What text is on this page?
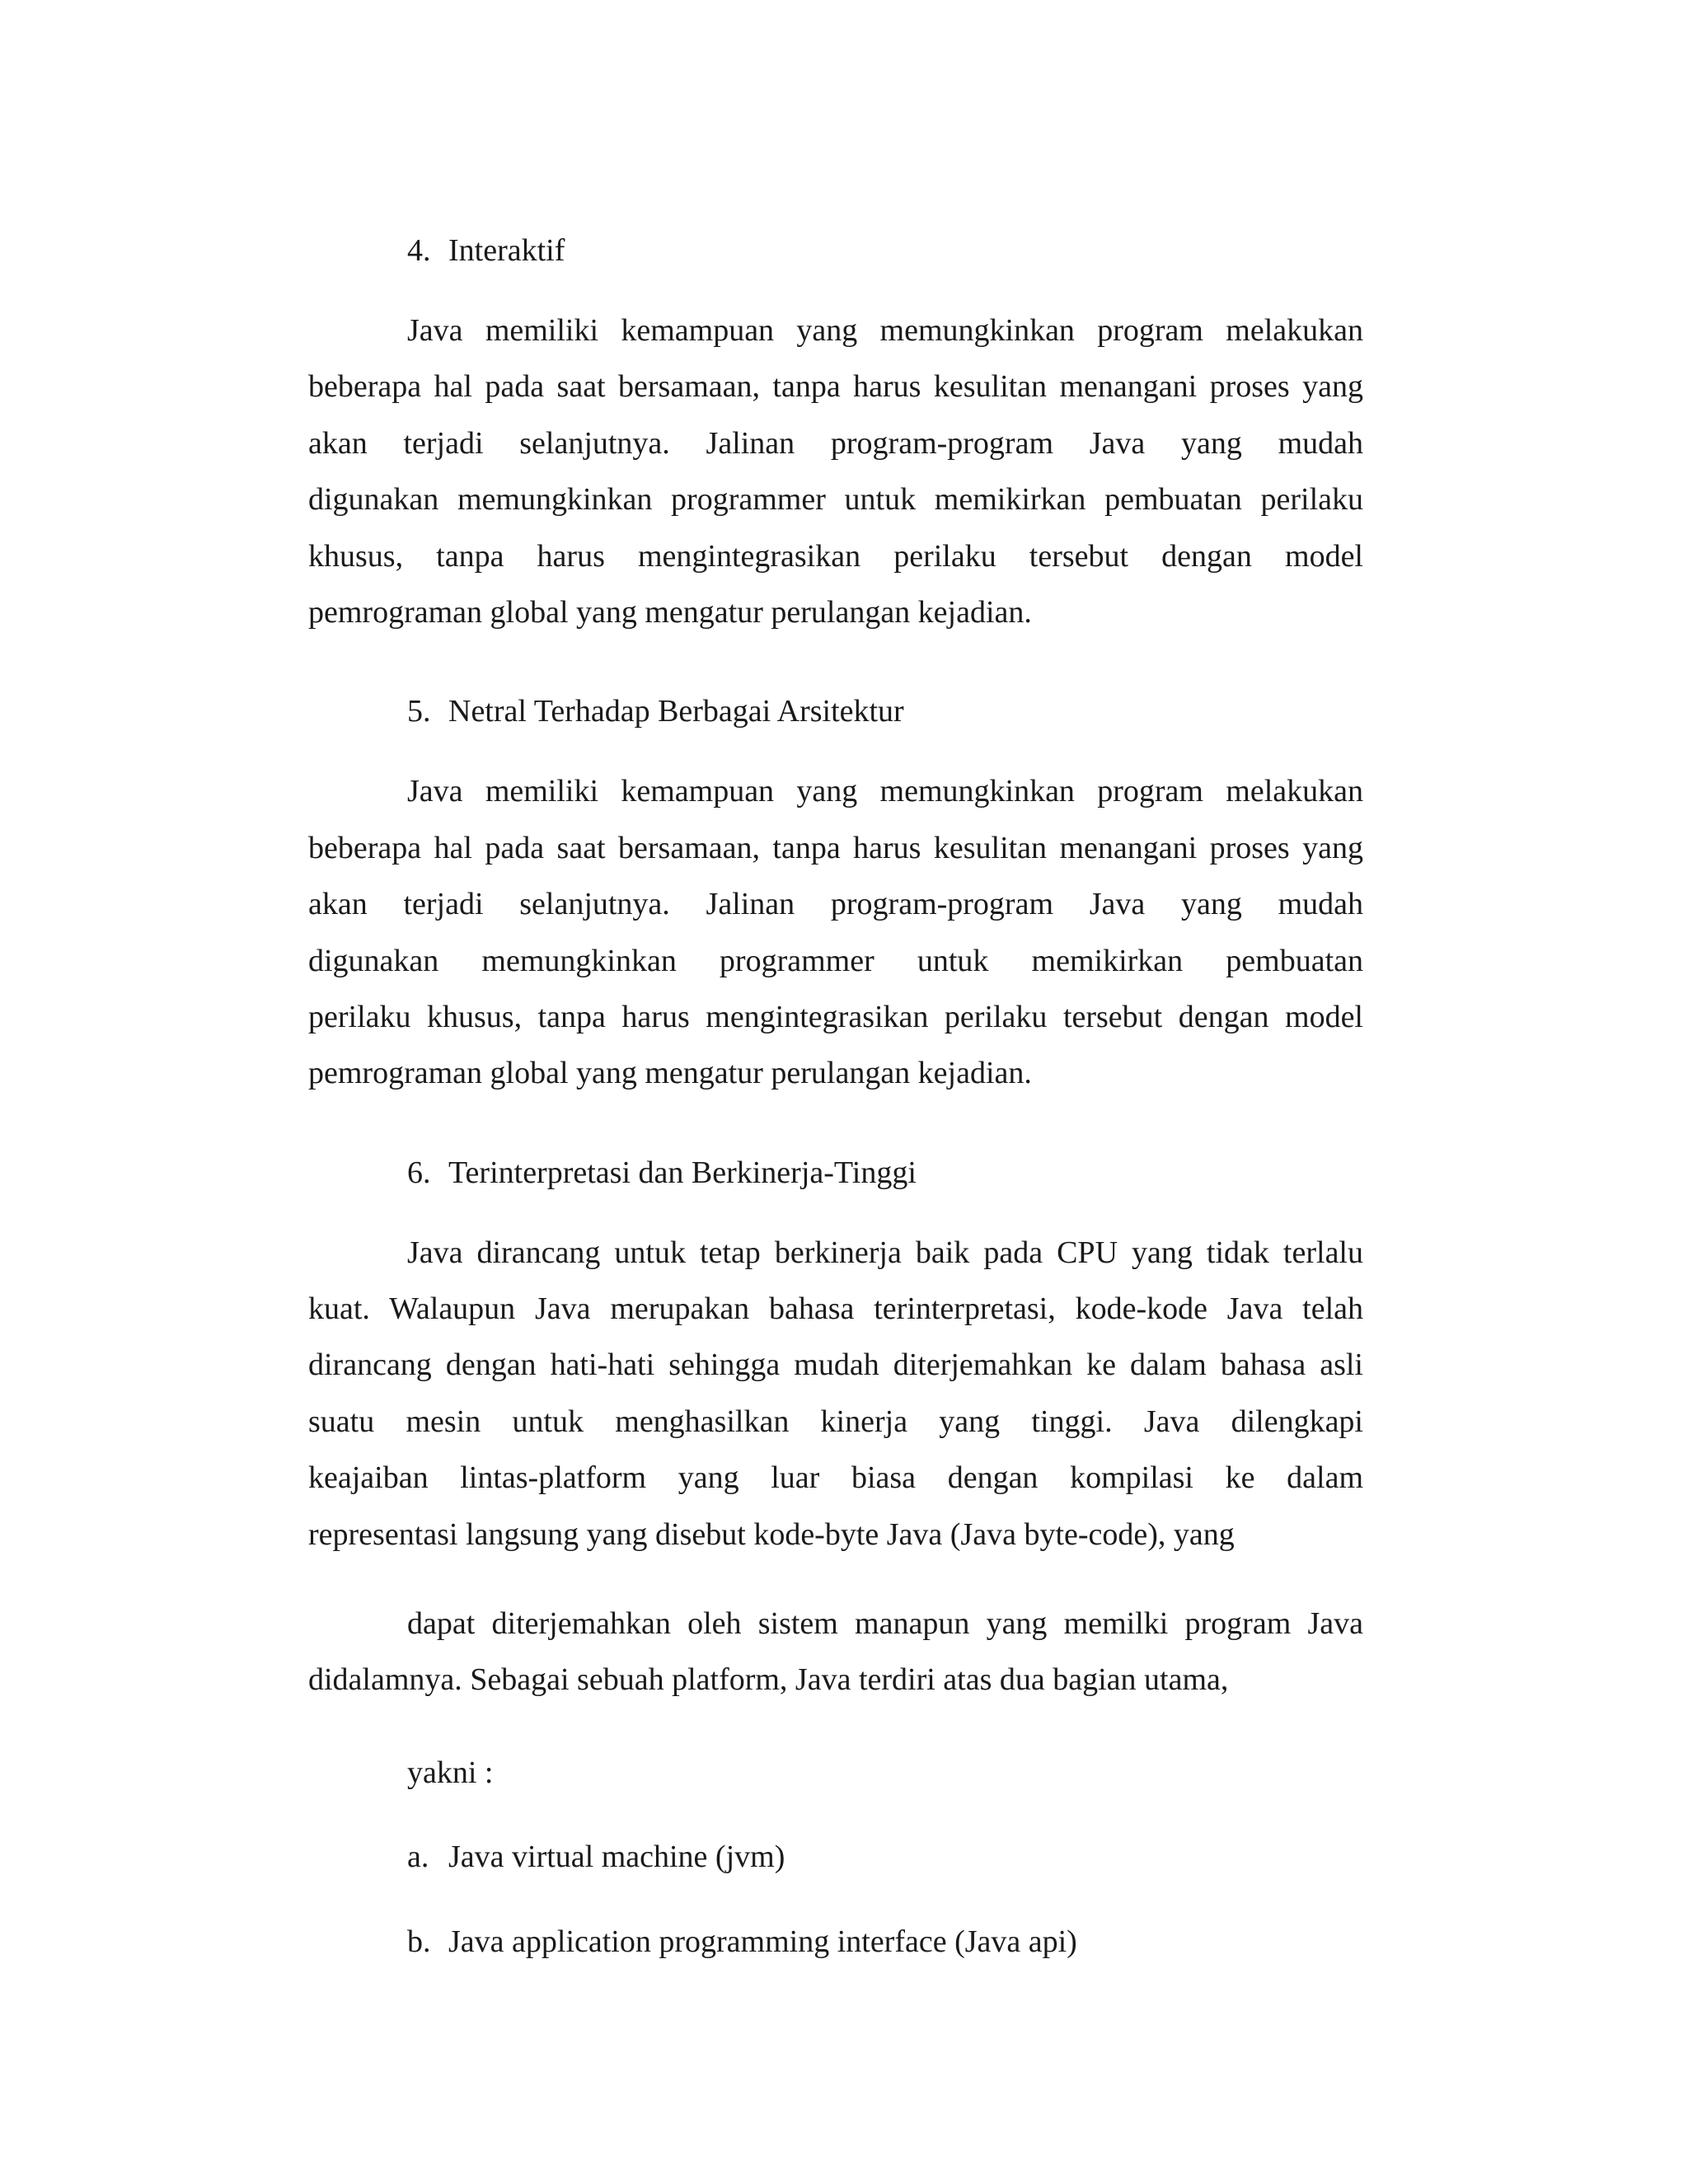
4. Interaktif
Java memiliki kemampuan yang memungkinkan program melakukan
beberapa hal pada saat bersamaan, tanpa harus kesulitan menangani proses yang
akan terjadi selanjutnya. Jalinan program-program Java yang mudah
digunakan memungkinkan programmer untuk memikirkan pembuatan perilaku
khusus, tanpa harus mengintegrasikan perilaku tersebut dengan model
pemrograman global yang mengatur perulangan kejadian.
5. Netral Terhadap Berbagai Arsitektur
Java memiliki kemampuan yang memungkinkan program melakukan
beberapa hal pada saat bersamaan, tanpa harus kesulitan menangani proses yang
akan terjadi selanjutnya. Jalinan program-program Java yang mudah
digunakan memungkinkan programmer untuk memikirkan pembuatan
perilaku khusus, tanpa harus mengintegrasikan perilaku tersebut dengan model
pemrograman global yang mengatur perulangan kejadian.
6. Terinterpretasi dan Berkinerja-Tinggi
Java dirancang untuk tetap berkinerja baik pada CPU yang tidak terlalu
kuat. Walaupun Java merupakan bahasa terinterpretasi, kode-kode Java telah
dirancang dengan hati-hati sehingga mudah diterjemahkan ke dalam bahasa asli
suatu mesin untuk menghasilkan kinerja yang tinggi. Java dilengkapi
keajaiban lintas-platform yang luar biasa dengan kompilasi ke dalam
representasi langsung yang disebut kode-byte Java (Java byte-code), yang
dapat diterjemahkan oleh sistem manapun yang memilki program Java
didalamnya. Sebagai sebuah platform, Java terdiri atas dua bagian utama,
yakni :
a. Java virtual machine (jvm)
b. Java application programming interface (Java api)
